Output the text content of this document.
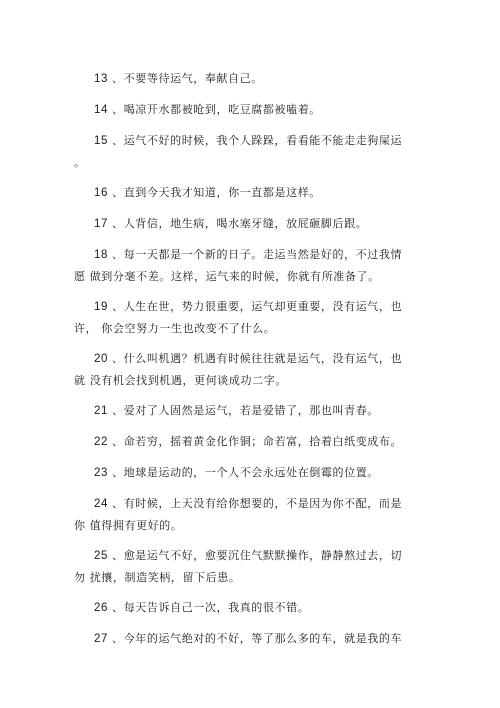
13 、不要等待运气，奉献自己。
14 、喝凉开水都被呛到，吃豆腐都被嗑着。
15 、运气不好的时候，我个人跺跺，看看能不能走走狗屎运
。
16 、直到今天我才知道，你一直都是这样。
17 、人背信，地生病，喝水塞牙缝，放屁砸脚后跟。
18 、每一天都是一个新的日子。走运当然是好的，不过我情
愿 做到分毫不差。这样，运气来的时候，你就有所准备了。
19 、人生在世，势力很重要，运气却更重要，没有运气，也
许， 你会空努力一生也改变不了什么。
20 、什么叫机遇？机遇有时候往往就是运气，没有运气，也
就 没有机会找到机遇，更何谈成功二字。
21 、爱对了人固然是运气，若是爱错了，那也叫青春。
22 、命若穷，摇着黄金化作铜；命若富，拾着白纸变成布。
23 、地球是运动的，一个人不会永远处在倒霉的位置。
24 、有时候，上天没有给你想要的，不是因为你不配，而是
你 值得拥有更好的。
25 、愈是运气不好，愈要沉住气默默操作，静静熬过去，切
勿 扰攘，制造笑柄，留下后患。
26 、每天告诉自己一次，我真的很不错。
27 、今年的运气绝对的不好，等了那么多的车，就是我的车
